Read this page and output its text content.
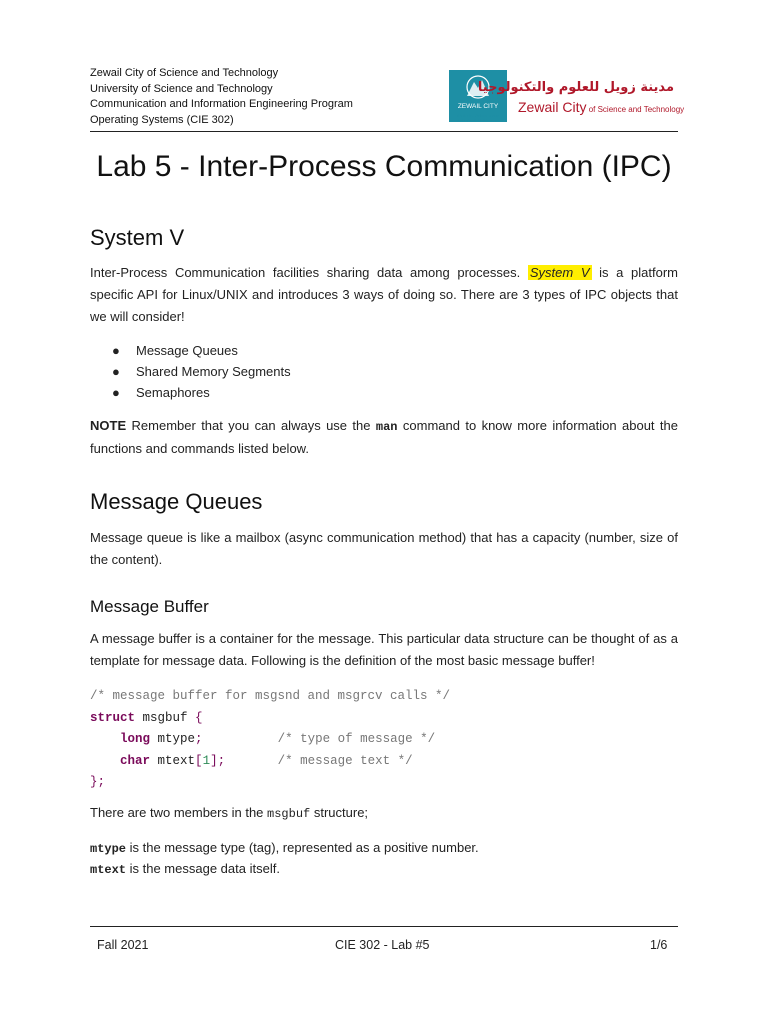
Zewail City of Science and Technology
University of Science and Technology
Communication and Information Engineering Program
Operating Systems (CIE 302)
ZEWAIL CITY
ESTABLISHED 2000
INAUGURATED 2011
مدينة زويل للعلوم والتكنولوجيا
Zewail City of Science and Technology
Lab 5 - Inter-Process Communication (IPC)
System V

Inter-Process Communication facilities sharing data among processes. System V is a platform specific API for Linux/UNIX and introduces 3 ways of doing so. There are 3 types of IPC objects that we will consider!

● Message Queues
● Shared Memory Segments
● Semaphores

NOTE Remember that you can always use the man command to know more information about the functions and commands listed below.

Message Queues

Message queue is like a mailbox (async communication method) that has a capacity (number, size of the content).

Message Buffer

A message buffer is a container for the message. This particular data structure can be thought of as a template for message data. Following is the definition of the most basic message buffer!

/* message buffer for msgsnd and msgrcv calls */
struct msgbuf {
long mtype;	/* type of message */
char mtext[1];	/* message text */
};

There are two members in the msgbuf structure;

mtype is the message type (tag), represented as a positive number.

mtext is the message data itself.

Fall 2021	CIE 302 - Lab #5	1/6
